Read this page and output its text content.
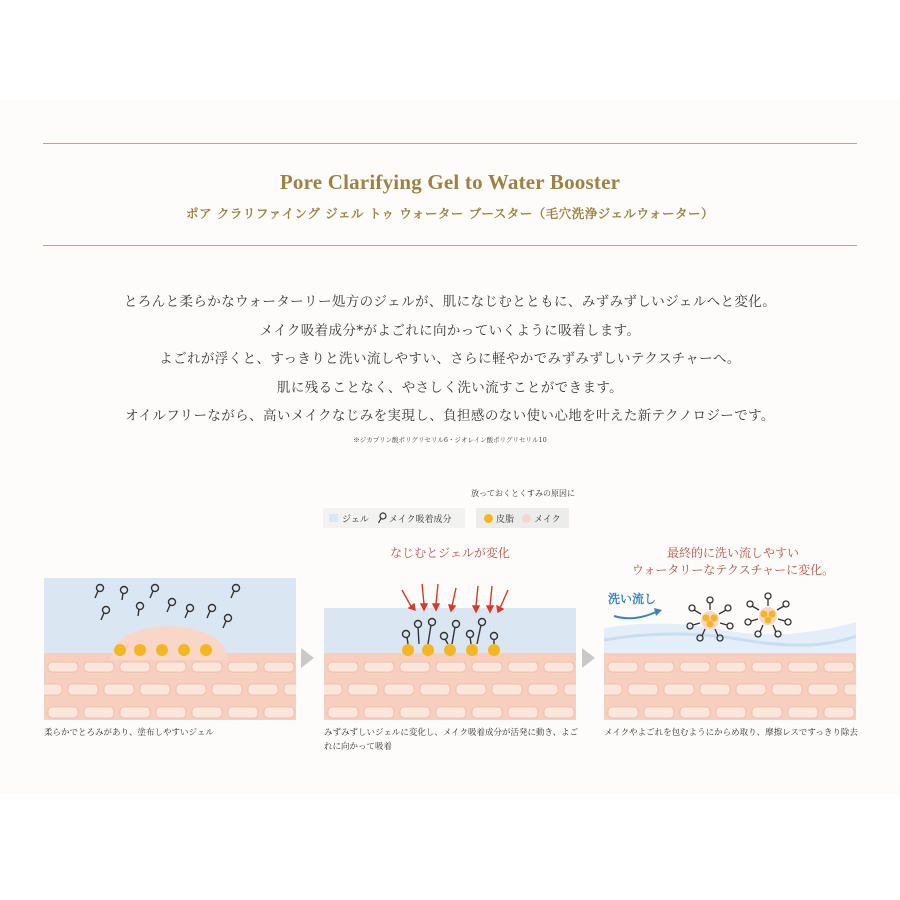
Pore Clarifying Gel to Water Booster
ポア クラリファイング ジェル トゥ ウォーター ブースター（毛穴洗浄ジェルウォーター）
とろんと柔らかなウォーターリー処方のジェルが、肌になじむとともに、みずみずしいジェルへと変化。
メイク吸着成分*がよごれに向かっていくように吸着します。
よごれが浮くと、すっきりと洗い流しやすい、さらに軽やかでみずみずしいテクスチャーへ。
肌に残ることなく、やさしく洗い流すことができます。
オイルフリーながら、高いメイクなじみを実現し、負担感のない使い心地を叶えた新テクノロジーです。
※ジカプリン酸ポリグリセリル6・ジオレイン酸ポリグリセリル10
放っておくとくすみの原因に
ジェル メイク吸着成分	皮脂 メイク
なじむとジェルが変化	最終的に洗い流しやすい
ウォータリーなテクスチャーに変化。
洗い流し
柔らかでとろみがあり、塗布しやすいジェル	みずみずしいジェルに変化し、メイク吸着成分が活発に動き、よごれに向かって吸着
メイクやよごれを包むようにからめ取り、摩擦レスですっきり除去
